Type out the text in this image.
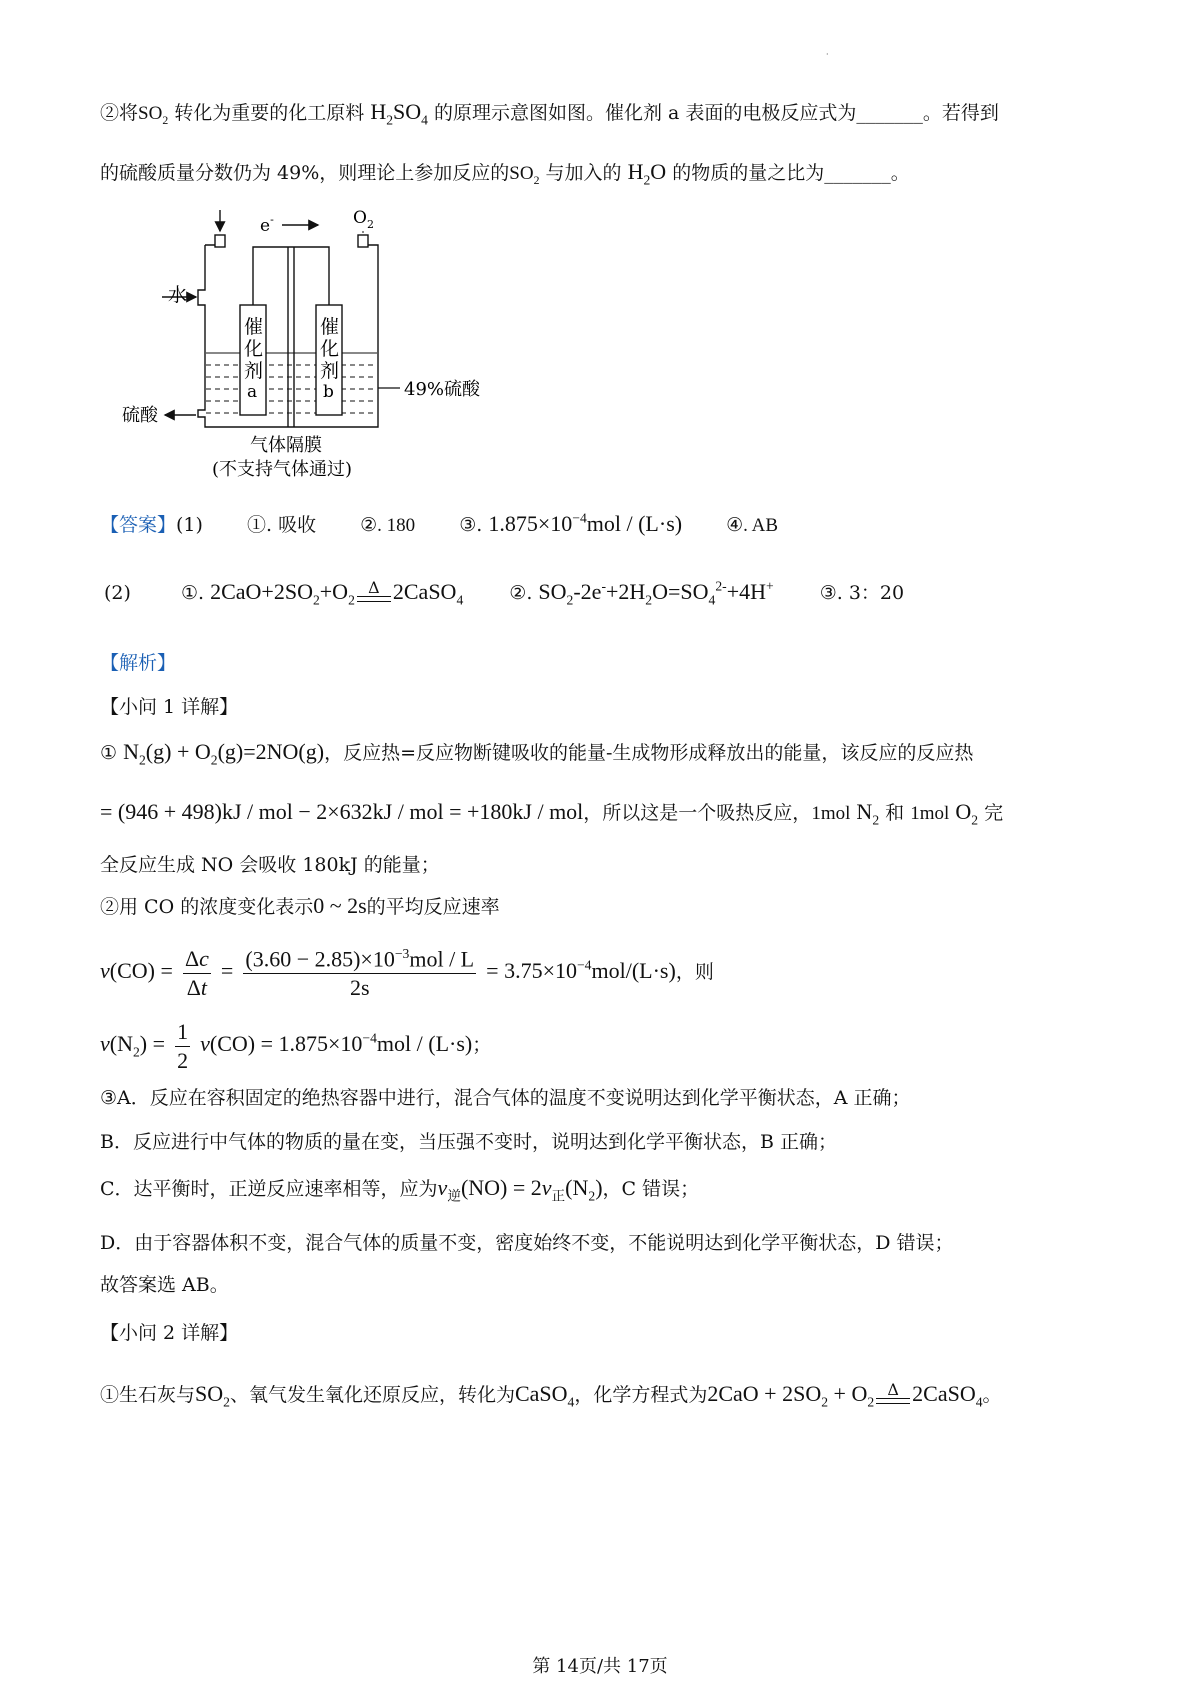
·
②将$SO_2$ 转化为重要的化工原料 $H_2SO_4$ 的原理示意图如图。催化剂 a 表面的电极反应式为_______。若得到
的硫酸质量分数仍为 49%，则理论上参加反应的$SO_2$ 与加入的 $H_2O$ 的物质的量之比为_______。
$O_2$
e-
水
催
化
剂
a
催
化
剂
b	49%硫酸
硫酸
气体隔膜
(不支持气体通过)
【答案】(1) ①. 吸收 ②. 180 ③. $1.875\times 10^{-4}mol / (L\cdot s)$ ④. AB
(2)	①. $2CaO+2SO_2+O_2$
Δ 2CaSO$_4$ ②. $SO_2-2e^-+2H_2O=SO_4^{2-}+4H^+$ ③. 3：20
【解析】
【小问 1 详解】
① $N_2(g) + O_2(g)=2NO(g)$，反应热=反应物断键吸收的能量-生成物形成释放出的能量，该反应的反应热
= (946 + 498)kJ / mol − 2×632kJ / mol = +180kJ / mol，所以这是一个吸热反应，1mol $N_2$ 和 1mol $O_2$ 完
全反应生成 NO 会吸收 180kJ 的能量；
②用 CO 的浓度变化表示0 ~ 2s的平均反应速率
$v(CO) = \frac{\Delta c}{\Delta t} = \frac{(3.60 - 2.85)\times 10^{-3}mol / L}{2s} = 3.75\times 10^{-4}mol/(L\cdot s)$，则
$v(N_2) = \frac{1}{2} v(CO) = 1.875\times 10^{-4}mol / (L\cdot s)$；
③A．反应在容积固定的绝热容器中进行，混合气体的温度不变说明达到化学平衡状态，A 正确；
B．反应进行中气体的物质的量在变，当压强不变时，说明达到化学平衡状态，B 正确；
C．达平衡时，正逆反应速率相等，应为$v_逆(NO) = 2v_正(N_2)$，C 错误；
D．由于容器体积不变，混合气体的质量不变，密度始终不变，不能说明达到化学平衡状态，D 错误；
故答案选 AB。
【小问 2 详解】
①生石灰与$SO_2$、氧气发生氧化还原反应，转化为CaSO$_4$，化学方程式为$2CaO + 2SO_2 + O_2$
Δ 2CaSO$_4$。
第 14页/共 17页
